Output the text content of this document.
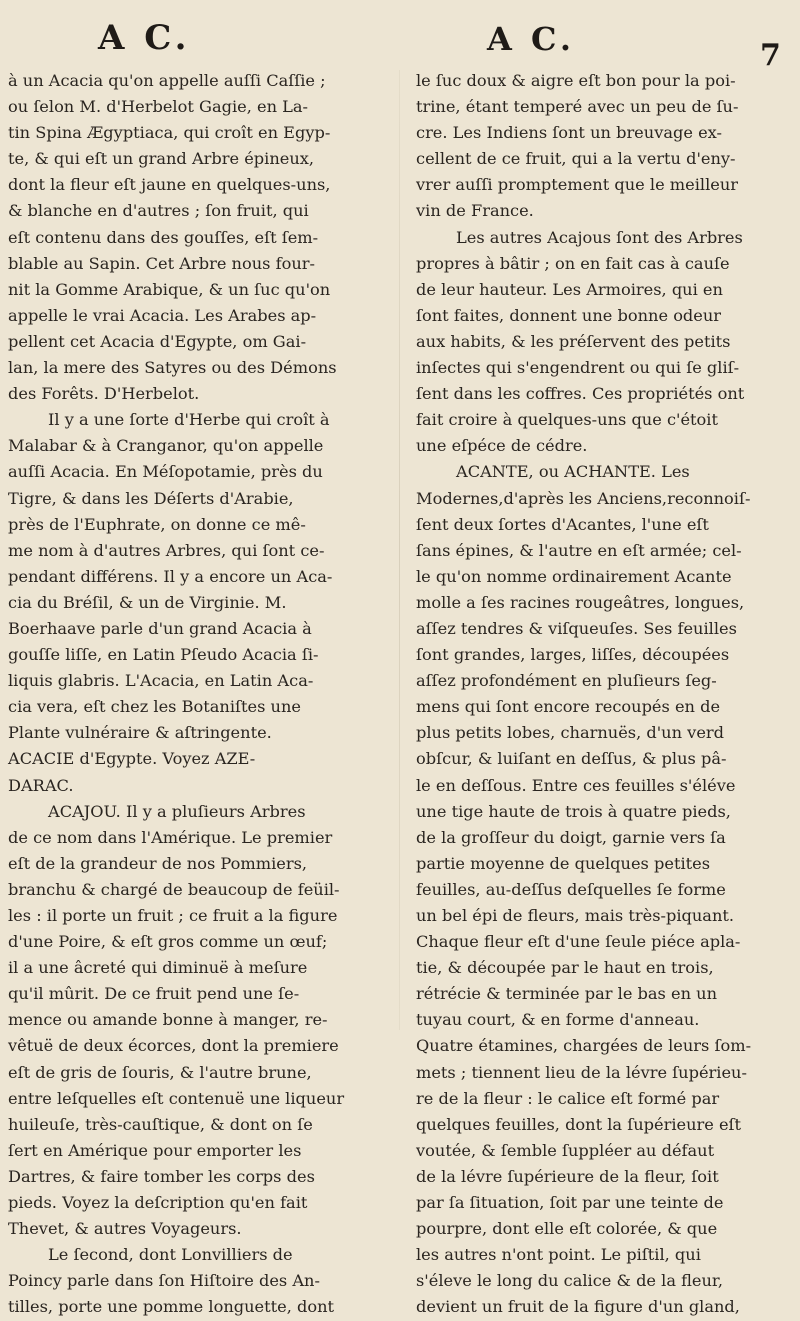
A C.	A C.	7
à un Acacia qu'on appelle auſſi Caſſie ;
ou ſelon M. d'Herbelot Gagie, en La-
tin Spina Ægyptiaca, qui croît en Egyp-
te, & qui eſt un grand Arbre épineux,
dont la fleur eſt jaune en quelques-uns,
& blanche en d'autres ; ſon fruit, qui
eſt contenu dans des gouſſes, eſt ſem-
blable au Sapin. Cet Arbre nous four-
nit la Gomme Arabique, & un ſuc qu'on
appelle le vrai Acacia. Les Arabes ap-
pellent cet Acacia d'Egypte, om Gai-
lan, la mere des Satyres ou des Démons
des Forêts. D'Herbelot.
Il y a une ſorte d'Herbe qui croît à
Malabar & à Cranganor, qu'on appelle
auſſi Acacia. En Méſopotamie, près du
Tigre, & dans les Déſerts d'Arabie,
près de l'Euphrate, on donne ce mê-
me nom à d'autres Arbres, qui ſont ce-
pendant différens. Il y a encore un Aca-
cia du Bréſil, & un de Virginie. M.
Boerhaave parle d'un grand Acacia à
gouſſe liſſe, en Latin Pſeudo Acacia ſi-
liquis glabris. L'Acacia, en Latin Aca-
cia vera, eſt chez les Botaniſtes une
Plante vulnéraire & aſtringente.
ACACIE d'Egypte. Voyez AZE-
DARAC.
ACAJOU. Il y a pluſieurs Arbres
de ce nom dans l'Amérique. Le premier
eſt de la grandeur de nos Pommiers,
branchu & chargé de beaucoup de feüil-
les : il porte un fruit ; ce fruit a la figure
d'une Poire, & eſt gros comme un œuf;
il a une âcreté qui diminuë à meſure
qu'il mûrit. De ce fruit pend une ſe-
mence ou amande bonne à manger, re-
vêtuë de deux écorces, dont la premiere
eſt de gris de ſouris, & l'autre brune,
entre leſquelles eſt contenuë une liqueur
huileuſe, très-cauſtique, & dont on ſe
ſert en Amérique pour emporter les
Dartres, & faire tomber les corps des
pieds. Voyez la deſcription qu'en fait
Thevet, & autres Voyageurs.
Le ſecond, dont Lonvilliers de
Poincy parle dans ſon Hiſtoire des An-
tilles, porte une pomme longuette, dont
le ſuc doux & aigre eſt bon pour la poi-
trine, étant temperé avec un peu de ſu-
cre. Les Indiens ſont un breuvage ex-
cellent de ce fruit, qui a la vertu d'eny-
vrer auſſi promptement que le meilleur
vin de France.
Les autres Acajous ſont des Arbres
propres à bâtir ; on en fait cas à cauſe
de leur hauteur. Les Armoires, qui en
ſont faites, donnent une bonne odeur
aux habits, & les préſervent des petits
inſectes qui s'engendrent ou qui ſe gliſ-
ſent dans les coffres. Ces propriétés ont
fait croire à quelques-uns que c'étoit
une eſpéce de cédre.
ACANTE, ou ACHANTE. Les
Modernes,d'après les Anciens,reconnoiſ-
ſent deux ſortes d'Acantes, l'une eſt
ſans épines, & l'autre en eſt armée; cel-
le qu'on nomme ordinairement Acante
molle a ſes racines rougeâtres, longues,
aſſez tendres & viſqueuſes. Ses feuilles
ſont grandes, larges, liſſes, découpées
aſſez profondément en pluſieurs ſeg-
mens qui ſont encore recoupés en de
plus petits lobes, charnuës, d'un verd
obſcur, & luiſant en deſſus, & plus pâ-
le en deſſous. Entre ces feuilles s'éléve
une tige haute de trois à quatre pieds,
de la groſſeur du doigt, garnie vers ſa
partie moyenne de quelques petites
feuilles, au-deſſus deſquelles ſe forme
un bel épi de fleurs, mais très-piquant.
Chaque fleur eſt d'une ſeule piéce apla-
tie, & découpée par le haut en trois,
rétrécie & terminée par le bas en un
tuyau court, & en forme d'anneau.
Quatre étamines, chargées de leurs ſom-
mets ; tiennent lieu de la lévre ſupérieu-
re de la fleur : le calice eſt formé par
quelques feuilles, dont la ſupérieure eſt
voutée, & ſemble ſuppléer au défaut
de la lévre ſupérieure de la fleur, ſoit
par ſa ſituation, ſoit par une teinte de
pourpre, dont elle eſt colorée, & que
les autres n'ont point. Le piſtil, qui
s'éleve le long du calice & de la fleur,
devient un fruit de la figure d'un gland,
